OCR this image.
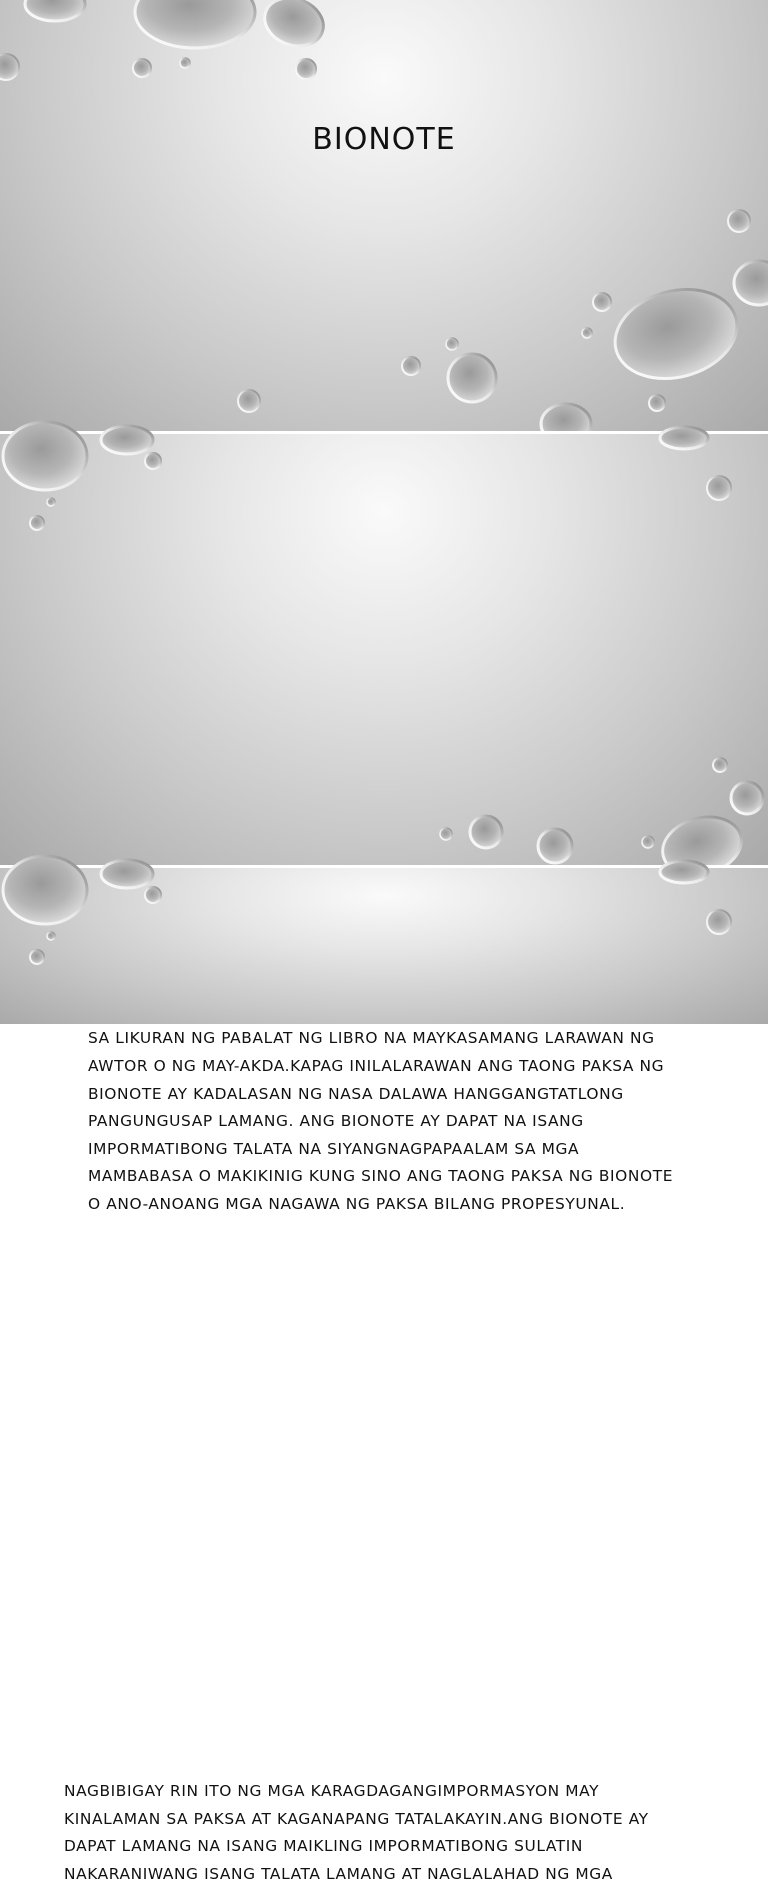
BIONOTE

SA LIKURAN NG PABALAT NG LIBRO NA MAYKASAMANG LARAWAN NG AWTOR O NG MAY-AKDA.KAPAG INILALARAWAN ANG TAONG PAKSA NG BIONOTE AY KADALASAN NG NASA DALAWA HANGGANGTATLONG PANGUNGUSAP LAMANG. ANG BIONOTE AY DAPAT NA ISANG IMPORMATIBONG TALATA NA SIYANGNAGPAPAALAM SA MGA MAMBABASA O MAKIKINIG KUNG SINO ANG TAONG PAKSA NG BIONOTE O ANO-ANOANG MGA NAGAWA NG PAKSA BILANG PROPESYUNAL.

NAGBIBIGAY RIN ITO NG MGA KARAGDAGANGIMPORMASYON MAY KINALAMAN SA PAKSA AT KAGANAPANG TATALAKAYIN.ANG BIONOTE AY DAPAT LAMANG NA ISANG MAIKLING IMPORMATIBONG SULATIN NAKARANIWANG ISANG TALATA LAMANG AT NAGLALAHAD NG MGA
